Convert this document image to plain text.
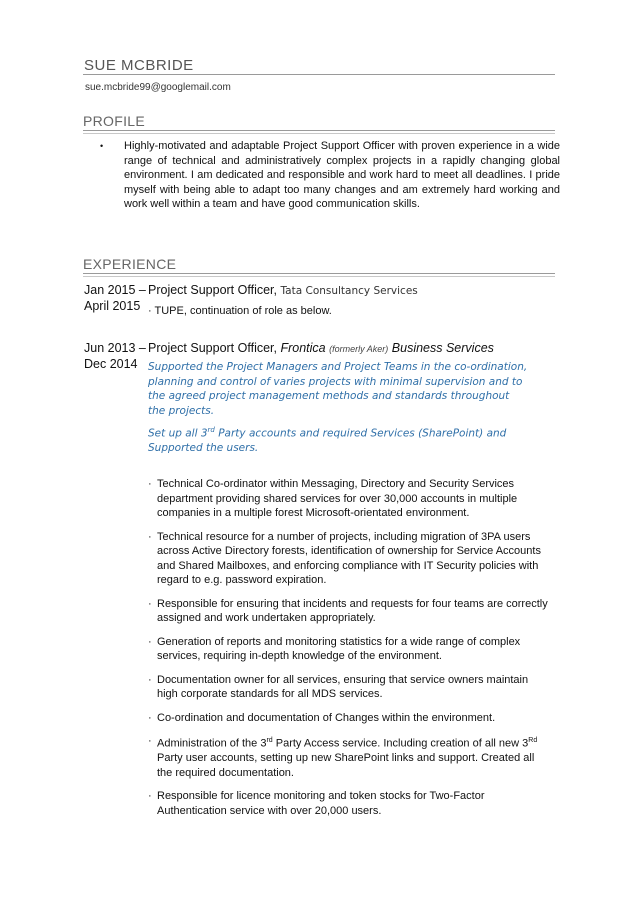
SUE MCBRIDE
sue.mcbride99@googlemail.com
PROFILE
• Highly-motivated and adaptable Project Support Officer with proven experience in a wide range of technical and administratively complex projects in a rapidly changing global environment. I am dedicated and responsible and work hard to meet all deadlines. I pride myself with being able to adapt too many changes and am extremely hard working and work well within a team and have good communication skills.
EXPERIENCE
Jan 2015 – April 2015
Project Support Officer, Tata Consultancy Services
· TUPE, continuation of role as below.
Jun 2013 – Dec 2014
Project Support Officer, Frontica (formerly Aker) Business Services
Supported the Project Managers and Project Teams in the co-ordination, planning and control of varies projects with minimal supervision and to the agreed project management methods and standards throughout the projects.
Set up all 3rd Party accounts and required Services (SharePoint) and Supported the users.
· Technical Co-ordinator within Messaging, Directory and Security Services department providing shared services for over 30,000 accounts in multiple companies in a multiple forest Microsoft-orientated environment.
· Technical resource for a number of projects, including migration of 3PA users across Active Directory forests, identification of ownership for Service Accounts and Shared Mailboxes, and enforcing compliance with IT Security policies with regard to e.g. password expiration.
· Responsible for ensuring that incidents and requests for four teams are correctly assigned and work undertaken appropriately.
· Generation of reports and monitoring statistics for a wide range of complex services, requiring in-depth knowledge of the environment.
· Documentation owner for all services, ensuring that service owners maintain high corporate standards for all MDS services.
· Co-ordination and documentation of Changes within the environment.
· Administration of the 3rd Party Access service. Including creation of all new 3Rd Party user accounts, setting up new SharePoint links and support. Created all the required documentation.
· Responsible for licence monitoring and token stocks for Two-Factor Authentication service with over 20,000 users.
